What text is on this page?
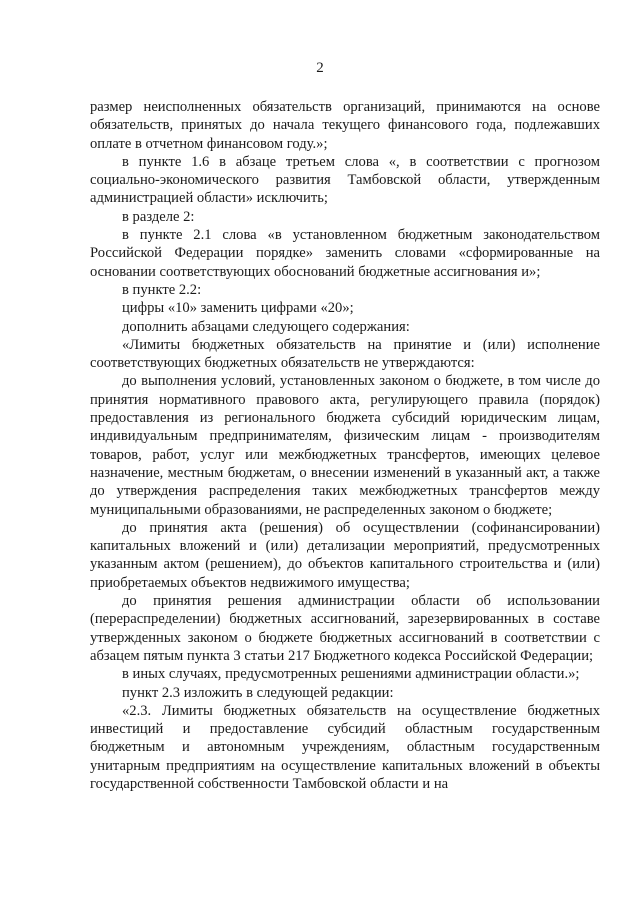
2

размер неисполненных обязательств организаций, принимаются на основе обязательств, принятых до начала текущего финансового года, подлежавших оплате в отчетном финансовом году.»;

в пункте 1.6 в абзаце третьем слова «, в соответствии с прогнозом социально-экономического развития Тамбовской области, утвержденным администрацией области» исключить;

в разделе 2:

в пункте 2.1 слова «в установленном бюджетным законодательством Российской Федерации порядке» заменить словами «сформированные на основании соответствующих обоснований бюджетные ассигнования и»;

в пункте 2.2:

цифры «10» заменить цифрами «20»;

дополнить абзацами следующего содержания:

«Лимиты бюджетных обязательств на принятие и (или) исполнение соответствующих бюджетных обязательств не утверждаются:

до выполнения условий, установленных законом о бюджете, в том числе до принятия нормативного правового акта, регулирующего правила (порядок) предоставления из регионального бюджета субсидий юридическим лицам, индивидуальным предпринимателям, физическим лицам - производителям товаров, работ, услуг или межбюджетных трансфертов, имеющих целевое назначение, местным бюджетам, о внесении изменений в указанный акт, а также до утверждения распределения таких межбюджетных трансфертов между муниципальными образованиями, не распределенных законом о бюджете;

до принятия акта (решения) об осуществлении (софинансировании) капитальных вложений и (или) детализации мероприятий, предусмотренных указанным актом (решением), до объектов капитального строительства и (или) приобретаемых объектов недвижимого имущества;

до принятия решения администрации области об использовании (перераспределении) бюджетных ассигнований, зарезервированных в составе утвержденных законом о бюджете бюджетных ассигнований в соответствии с абзацем пятым пункта 3 статьи 217 Бюджетного кодекса Российской Федерации;

в иных случаях, предусмотренных решениями администрации области.»;

пункт 2.3 изложить в следующей редакции:

«2.3. Лимиты бюджетных обязательств на осуществление бюджетных инвестиций и предоставление субсидий областным государственным бюджетным и автономным учреждениям, областным государственным унитарным предприятиям на осуществление капитальных вложений в объекты государственной собственности Тамбовской области и на
